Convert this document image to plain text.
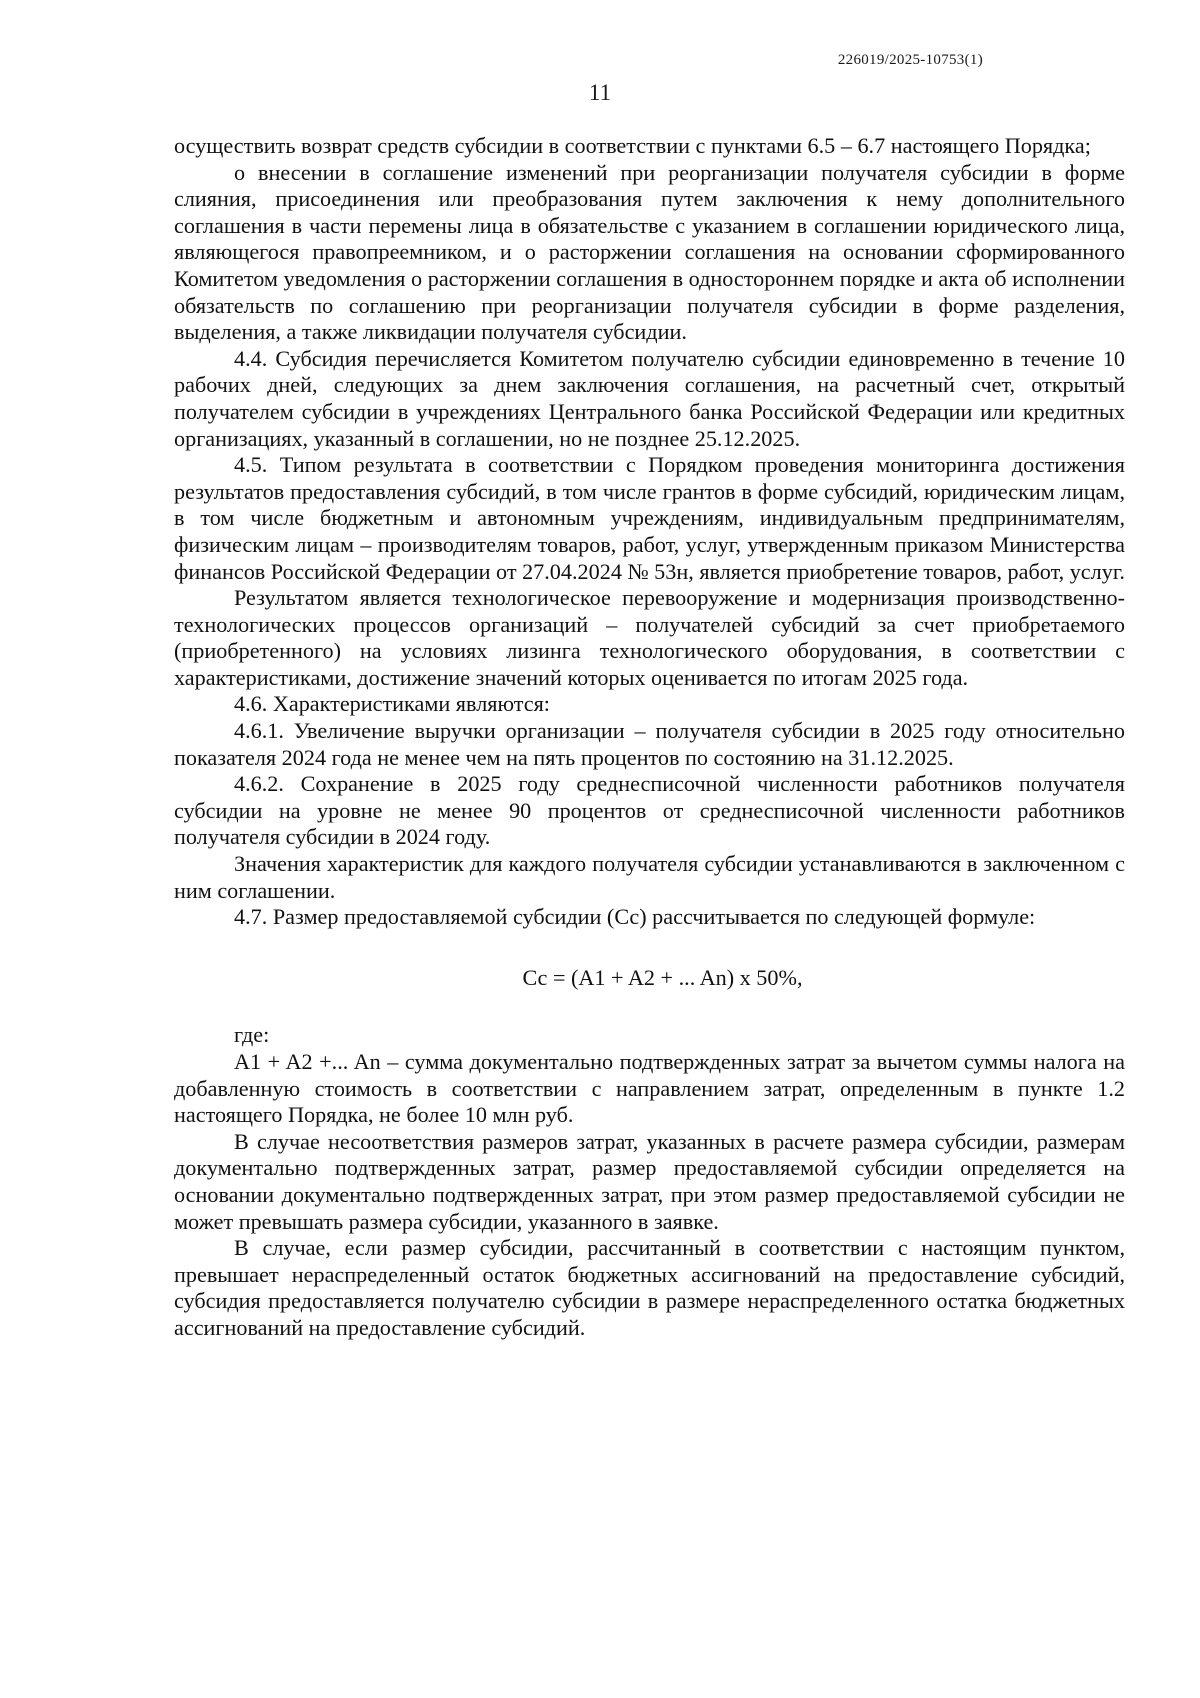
226019/2025-10753(1)
11

осуществить возврат средств субсидии в соответствии с пунктами 6.5 – 6.7 настоящего Порядка;

о внесении в соглашение изменений при реорганизации получателя субсидии в форме слияния, присоединения или преобразования путем заключения к нему дополнительного соглашения в части перемены лица в обязательстве с указанием в соглашении юридического лица, являющегося правопреемником, и о расторжении соглашения на основании сформированного Комитетом уведомления о расторжении соглашения в одностороннем порядке и акта об исполнении обязательств по соглашению при реорганизации получателя субсидии в форме разделения, выделения, а также ликвидации получателя субсидии.

4.4. Субсидия перечисляется Комитетом получателю субсидии единовременно в течение 10 рабочих дней, следующих за днем заключения соглашения, на расчетный счет, открытый получателем субсидии в учреждениях Центрального банка Российской Федерации или кредитных организациях, указанный в соглашении, но не позднее 25.12.2025.

4.5. Типом результата в соответствии с Порядком проведения мониторинга достижения результатов предоставления субсидий, в том числе грантов в форме субсидий, юридическим лицам, в том числе бюджетным и автономным учреждениям, индивидуальным предпринимателям, физическим лицам – производителям товаров, работ, услуг, утвержденным приказом Министерства финансов Российской Федерации от 27.04.2024 № 53н, является приобретение товаров, работ, услуг.

Результатом является технологическое перевооружение и модернизация производственно-технологических процессов организаций – получателей субсидий за счет приобретаемого (приобретенного) на условиях лизинга технологического оборудования, в соответствии с характеристиками, достижение значений которых оценивается по итогам 2025 года.

4.6. Характеристиками являются:

4.6.1. Увеличение выручки организации – получателя субсидии в 2025 году относительно показателя 2024 года не менее чем на пять процентов по состоянию на 31.12.2025.

4.6.2. Сохранение в 2025 году среднесписочной численности работников получателя субсидии на уровне не менее 90 процентов от среднесписочной численности работников получателя субсидии в 2024 году.

Значения характеристик для каждого получателя субсидии устанавливаются в заключенном с ним соглашении.

4.7. Размер предоставляемой субсидии (Сс) рассчитывается по следующей формуле:

Сс = (A1 + A2 + ... An) х 50%,

где:

A1 + A2 +... An – сумма документально подтвержденных затрат за вычетом суммы налога на добавленную стоимость в соответствии с направлением затрат, определенным в пункте 1.2 настоящего Порядка, не более 10 млн руб.

В случае несоответствия размеров затрат, указанных в расчете размера субсидии, размерам документально подтвержденных затрат, размер предоставляемой субсидии определяется на основании документально подтвержденных затрат, при этом размер предоставляемой субсидии не может превышать размера субсидии, указанного в заявке.

В случае, если размер субсидии, рассчитанный в соответствии с настоящим пунктом, превышает нераспределенный остаток бюджетных ассигнований на предоставление субсидий, субсидия предоставляется получателю субсидии в размере нераспределенного остатка бюджетных ассигнований на предоставление субсидий.
